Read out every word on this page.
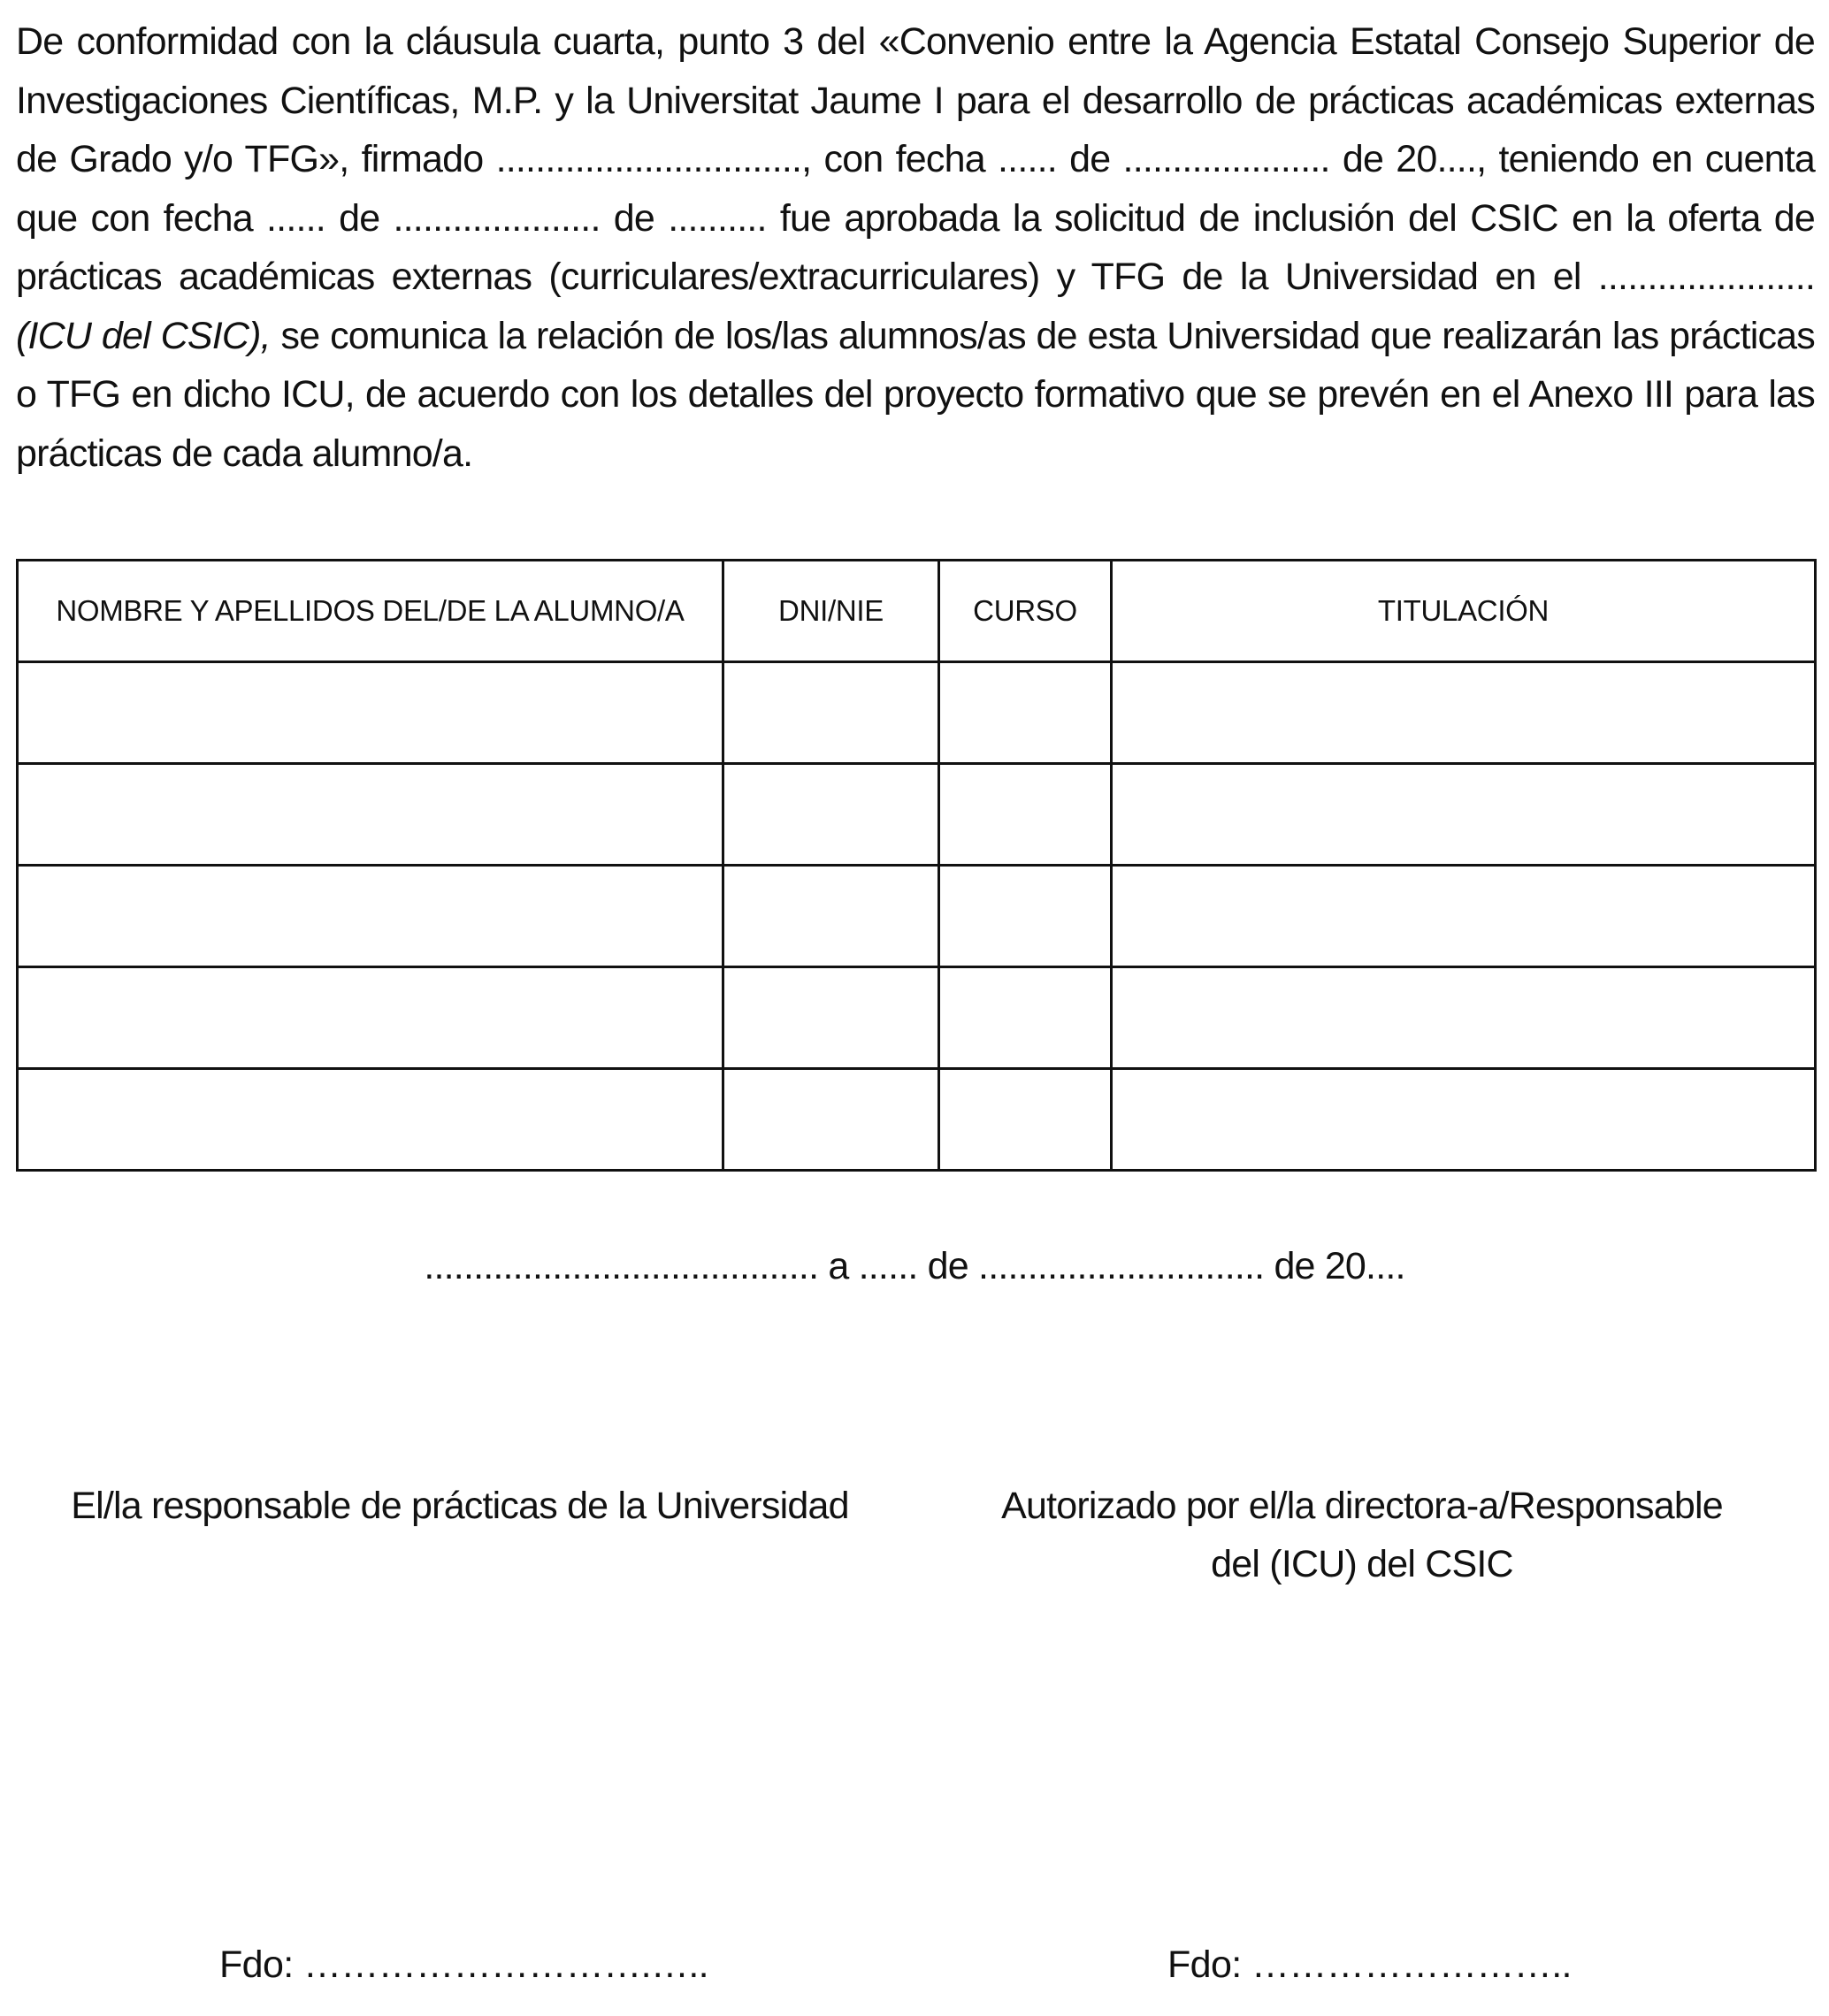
De conformidad con la cláusula cuarta, punto 3 del «Convenio entre la Agencia Estatal Consejo Superior de Investigaciones Científicas, M.P. y la Universitat Jaume I para el desarrollo de prácticas académicas externas de Grado y/o TFG», firmado ..............................., con fecha ...... de ..................... de 20...., teniendo en cuenta que con fecha ...... de ..................... de .......... fue aprobada la solicitud de inclusión del CSIC en la oferta de prácticas académicas externas (curriculares/extracurriculares) y TFG de la Universidad en el ...................... (ICU del CSIC), se comunica la relación de los/las alumnos/as de esta Universidad que realizarán las prácticas o TFG en dicho ICU, de acuerdo con los detalles del proyecto formativo que se prevén en el Anexo III para las prácticas de cada alumno/a.

NOMBRE Y APELLIDOS DEL/DE LA ALUMNO/A	DNI/NIE	CURSO	TITULACIÓN

........................................ a ...... de ............................. de 20....
El/la responsable de prácticas de la Universidad	Autorizado por el/la directora-a/Responsable
del (ICU) del CSIC
Fdo: ……………………….…..	Fdo: ……………………..
